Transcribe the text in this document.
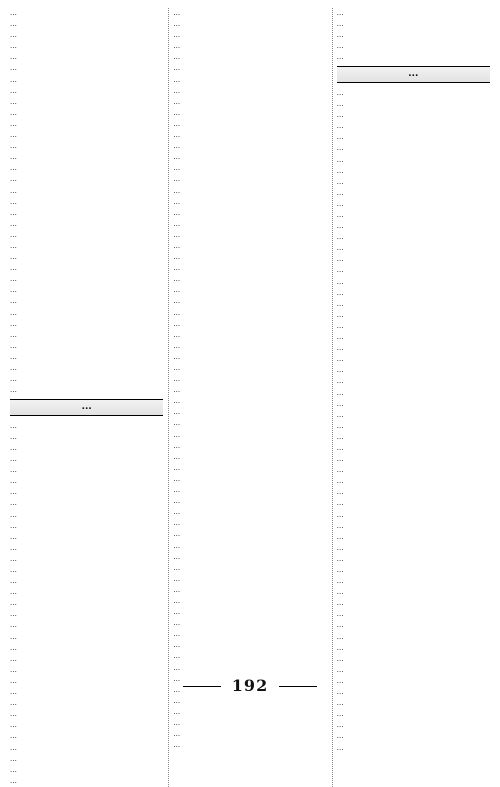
...

...

...

...

...

...

...

...

...

...

...

...

...

...

...

...

...

...

...

...

...

...

...

...

...

...

...

...

...

...

...

...

...

...

...

...

...

...

...

...

...

...

...

...

...

...

...

...

...

...

...

...

...

...

...

...

...

...

...

...

...

...

...

...

...

...

...

...

...

...

...

...

...

...

...

...

...

...

...

...

...

...

...

...

...

...

...

...

...

...

...

...

...

...

...

...

...

...

...

...

...

...

...

...

...

...

...

...

...

...

...

...

...

...

...

...

...

...

...

...

...

...

...

...

...

...

...

...

...

...

...

...

...

...

...

...

...

...

...

...

...

...

...

...

...

...

...

...

...

...

...

...

...

...

...

...

...

...

...

...

...

...

...

...

...

...

...

...

...

...

...

...

...

...

...

...

...

...

...

...

...

...

...

...

...

...

...

...

...

...

...

...

...

...

...

...

...

...

...

...

...

...

192
